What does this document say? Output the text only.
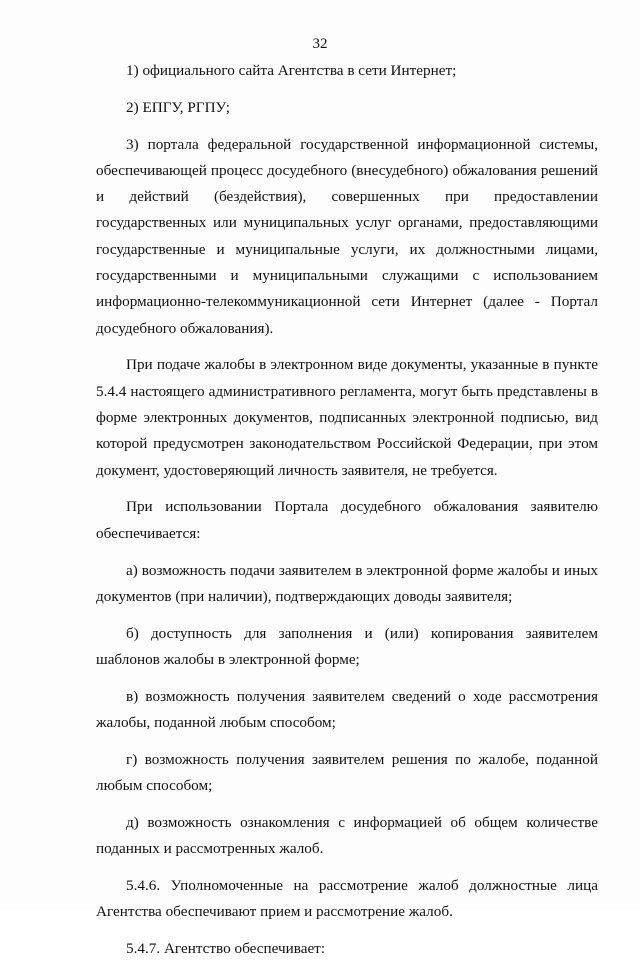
32

1) официального сайта Агентства в сети Интернет;

2) ЕПГУ, РГПУ;

3) портала федеральной государственной информационной системы, обеспечивающей процесс досудебного (внесудебного) обжалования решений и действий (бездействия), совершенных при предоставлении государственных или муниципальных услуг органами, предоставляющими государственные и муниципальные услуги, их должностными лицами, государственными и муниципальными служащими с использованием информационно-телекоммуникационной сети Интернет (далее - Портал досудебного обжалования).

При подаче жалобы в электронном виде документы, указанные в пункте 5.4.4 настоящего административного регламента, могут быть представлены в форме электронных документов, подписанных электронной подписью, вид которой предусмотрен законодательством Российской Федерации, при этом документ, удостоверяющий личность заявителя, не требуется.

При использовании Портала досудебного обжалования заявителю обеспечивается:

а) возможность подачи заявителем в электронной форме жалобы и иных документов (при наличии), подтверждающих доводы заявителя;

б) доступность для заполнения и (или) копирования заявителем шаблонов жалобы в электронной форме;

в) возможность получения заявителем сведений о ходе рассмотрения жалобы, поданной любым способом;

г) возможность получения заявителем решения по жалобе, поданной любым способом;

д) возможность ознакомления с информацией об общем количестве поданных и рассмотренных жалоб.

5.4.6. Уполномоченные на рассмотрение жалоб должностные лица Агентства обеспечивают прием и рассмотрение жалоб.

5.4.7. Агентство обеспечивает:
